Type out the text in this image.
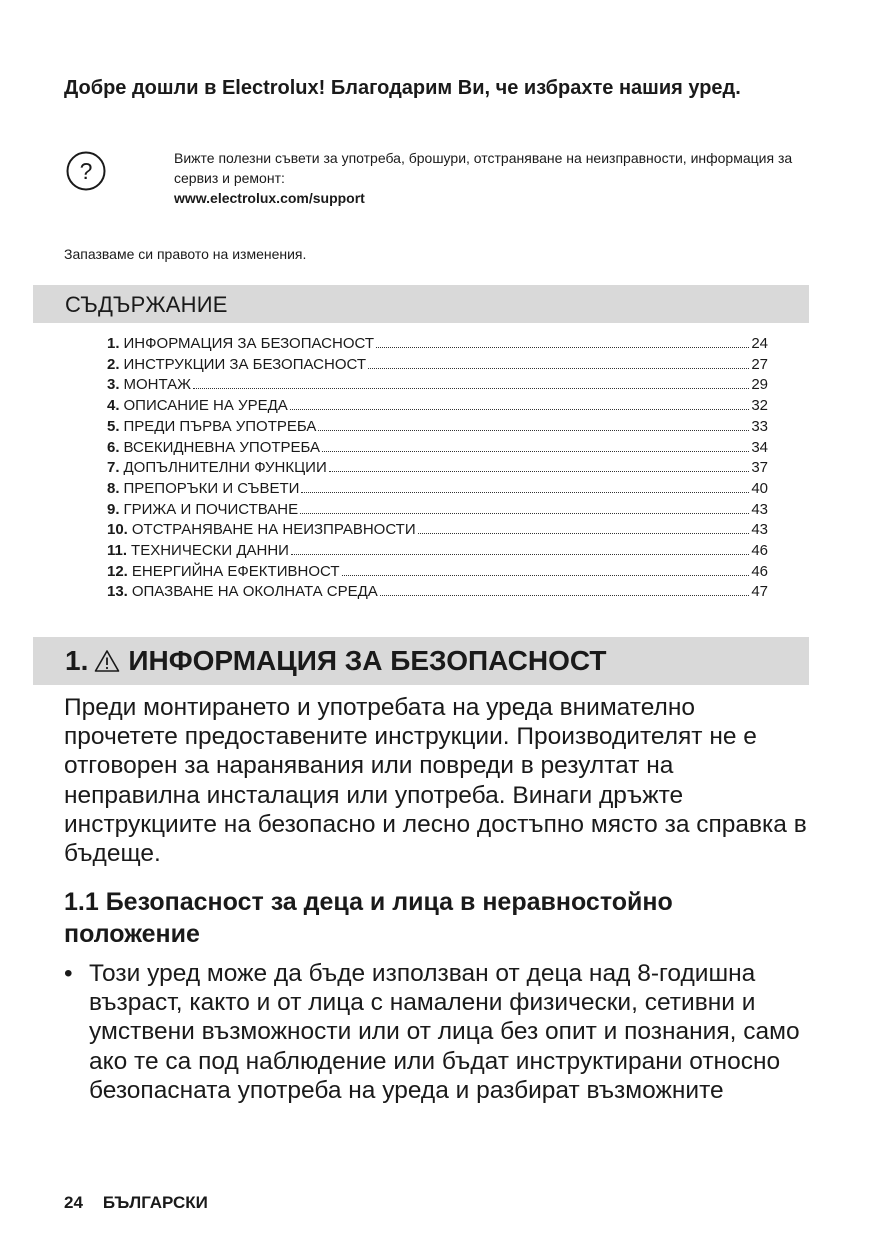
Добре дошли в Electrolux! Благодарим Ви, че избрахте нашия уред.
?	Вижте полезни съвети за употреба, брошури, отстраняване на неизправности, информация за сервиз и ремонт:
www.electrolux.com/support
Запазваме си правото на изменения.
СЪДЪРЖАНИЕ
1. ИНФОРМАЦИЯ ЗА БЕЗОПАСНОСТ	24
2. ИНСТРУКЦИИ ЗА БЕЗОПАСНОСТ	27
3. МОНТАЖ	29
4. ОПИСАНИЕ НА УРЕДА	32
5. ПРЕДИ ПЪРВА УПОТРЕБА	33
6. ВСЕКИДНЕВНА УПОТРЕБА	34
7. ДОПЪЛНИТЕЛНИ ФУНКЦИИ	37
8. ПРЕПОРЪКИ И СЪВЕТИ	40
9. ГРИЖА И ПОЧИСТВАНЕ	43
10. ОТСТРАНЯВАНЕ НА НЕИЗПРАВНОСТИ	43
11. ТЕХНИЧЕСКИ ДАННИ	46
12. ЕНЕРГИЙНА ЕФЕКТИВНОСТ	46
13. ОПАЗВАНЕ НА ОКОЛНАТА СРЕДА	47
1. ИНФОРМАЦИЯ ЗА БЕЗОПАСНОСТ

Преди монтирането и употребата на уреда внимателно прочетете предоставените инструкции. Производителят не е отговорен за наранявания или повреди в резултат на неправилна инсталация или употреба. Винаги дръжте инструкциите на безопасно и лесно достъпно място за справка в бъдеще.

1.1 Безопасност за деца и лица в неравностойно положение
• Този уред може да бъде използван от деца над 8-годишна възраст, както и от лица с намалени физически, сетивни и умствени възможности или от лица без опит и познания, само ако те са под наблюдение или бъдат инструктирани относно безопасната употреба на уреда и разбират възможните
24 БЪЛГАРСКИ
